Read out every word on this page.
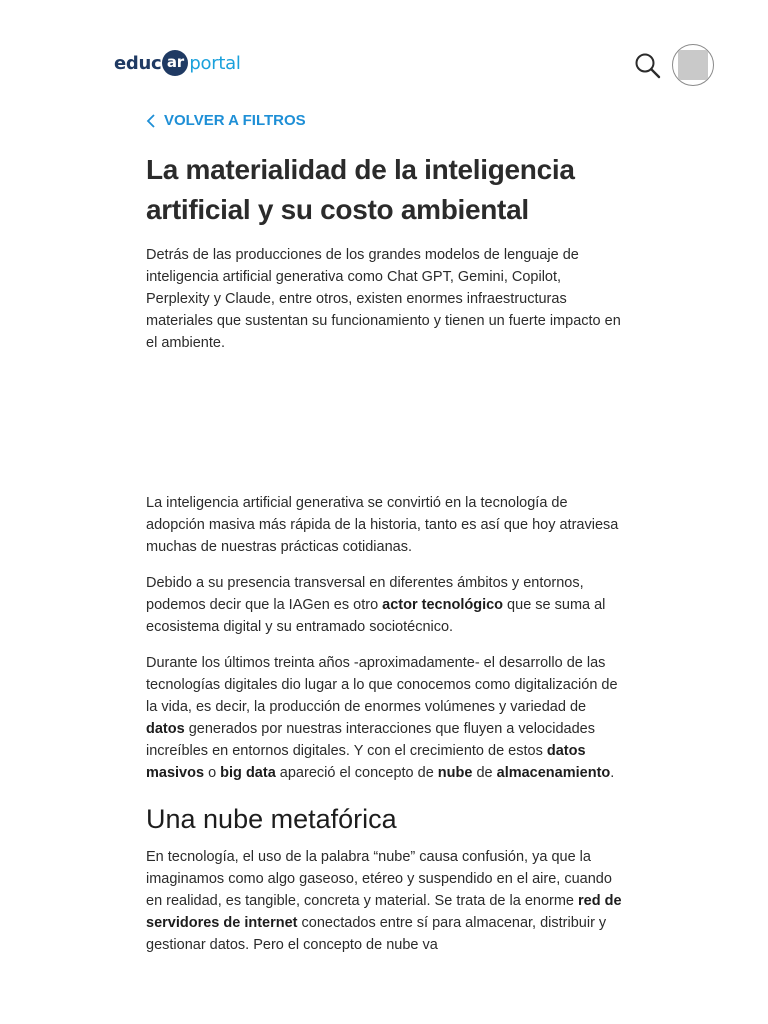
educ ar portal
VOLVER A FILTROS
La materialidad de la inteligencia artificial y su costo ambiental

Detrás de las producciones de los grandes modelos de lenguaje de inteligencia artificial generativa como Chat GPT, Gemini, Copilot, Perplexity y Claude, entre otros, existen enormes infraestructuras materiales que sustentan su funcionamiento y tienen un fuerte impacto en el ambiente.

La inteligencia artificial generativa se convirtió en la tecnología de adopción masiva más rápida de la historia, tanto es así que hoy atraviesa muchas de nuestras prácticas cotidianas.

Debido a su presencia transversal en diferentes ámbitos y entornos, podemos decir que la IAGen es otro actor tecnológico que se suma al ecosistema digital y su entramado sociotécnico.

Durante los últimos treinta años -aproximadamente- el desarrollo de las tecnologías digitales dio lugar a lo que conocemos como digitalización de la vida, es decir, la producción de enormes volúmenes y variedad de datos generados por nuestras interacciones que fluyen a velocidades increíbles en entornos digitales. Y con el crecimiento de estos datos masivos o big data apareció el concepto de nube de almacenamiento.

Una nube metafórica

En tecnología, el uso de la palabra “nube” causa confusión, ya que la imaginamos como algo gaseoso, etéreo y suspendido en el aire, cuando en realidad, es tangible, concreta y material. Se trata de la enorme red de servidores de internet conectados entre sí para almacenar, distribuir y gestionar datos. Pero el concepto de nube va
